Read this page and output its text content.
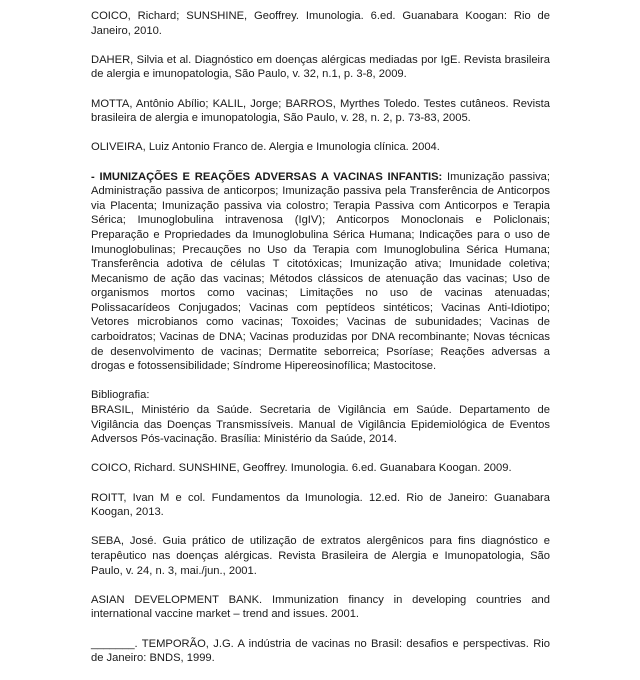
COICO, Richard; SUNSHINE, Geoffrey. Imunologia. 6.ed. Guanabara Koogan: Rio de Janeiro, 2010.

DAHER, Silvia et al. Diagnóstico em doenças alérgicas mediadas por IgE. Revista brasileira de alergia e imunopatologia, São Paulo, v. 32, n.1, p. 3-8, 2009.

MOTTA, Antônio Abílio; KALIL, Jorge; BARROS, Myrthes Toledo. Testes cutâneos. Revista brasileira de alergia e imunopatologia, São Paulo, v. 28, n. 2, p. 73-83, 2005.

OLIVEIRA, Luiz Antonio Franco de. Alergia e Imunologia clínica. 2004.

- IMUNIZAÇÕES E REAÇÕES ADVERSAS A VACINAS INFANTIS: Imunização passiva; Administração passiva de anticorpos; Imunização passiva pela Transferência de Anticorpos via Placenta; Imunização passiva via colostro; Terapia Passiva com Anticorpos e Terapia Sérica; Imunoglobulina intravenosa (IgIV); Anticorpos Monoclonais e Policlonais; Preparação e Propriedades da Imunoglobulina Sérica Humana; Indicações para o uso de Imunoglobulinas; Precauções no Uso da Terapia com Imunoglobulina Sérica Humana; Transferência adotiva de células T citotóxicas; Imunização ativa; Imunidade coletiva; Mecanismo de ação das vacinas; Métodos clássicos de atenuação das vacinas; Uso de organismos mortos como vacinas; Limitações no uso de vacinas atenuadas; Polissacarídeos Conjugados; Vacinas com peptídeos sintéticos; Vacinas Anti-Idiotipo; Vetores microbianos como vacinas; Toxoides; Vacinas de subunidades; Vacinas de carboidratos; Vacinas de DNA; Vacinas produzidas por DNA recombinante; Novas técnicas de desenvolvimento de vacinas; Dermatite seborreica; Psoríase; Reações adversas a drogas e fotossensibilidade; Síndrome Hipereosinofílica; Mastocitose.

Bibliografia:

BRASIL, Ministério da Saúde. Secretaria de Vigilância em Saúde. Departamento de Vigilância das Doenças Transmissíveis. Manual de Vigilância Epidemiológica de Eventos Adversos Pós-vacinação. Brasília: Ministério da Saúde, 2014.

COICO, Richard. SUNSHINE, Geoffrey. Imunologia. 6.ed. Guanabara Koogan. 2009.

ROITT, Ivan M e col. Fundamentos da Imunologia. 12.ed. Rio de Janeiro: Guanabara Koogan, 2013.

SEBA, José. Guia prático de utilização de extratos alergênicos para fins diagnóstico e terapêutico nas doenças alérgicas. Revista Brasileira de Alergia e Imunopatologia, São Paulo, v. 24, n. 3, mai./jun., 2001.

ASIAN DEVELOPMENT BANK. Immunization financy in developing countries and international vaccine market – trend and issues. 2001.

_______. TEMPORÃO, J.G. A indústria de vacinas no Brasil: desafios e perspectivas. Rio de Janeiro: BNDS, 1999.
